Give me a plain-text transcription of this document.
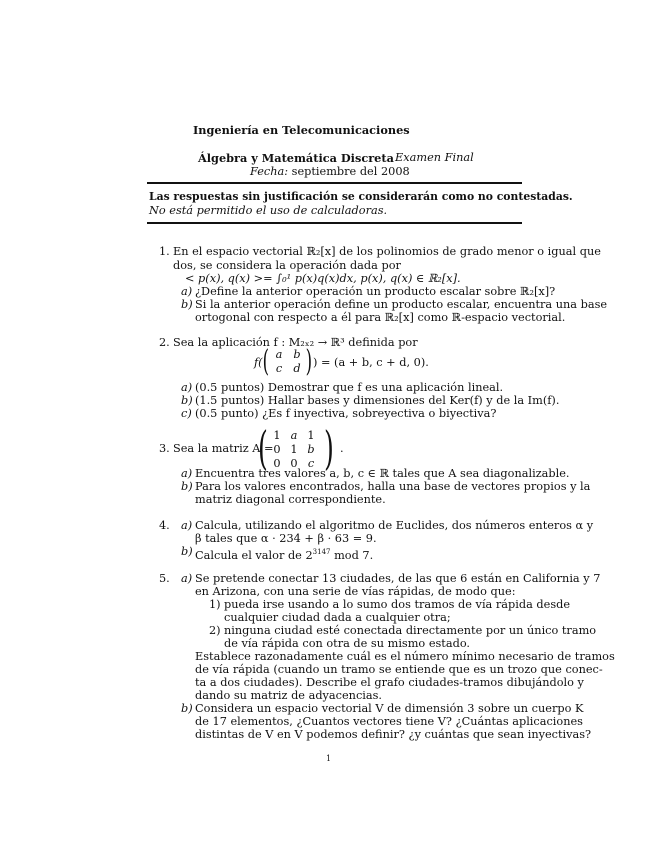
Ingeniería en Telecomunicaciones
Álgebra y Matemática Discreta Examen Final
Fecha: septiembre del 2008
Las respuestas sin justificación se considerarán como no contestadas.
No está permitido el uso de calculadoras.
1. En el espacio vectorial ℝ₂[x] de los polinomios de grado menor o igual que
dos, se considera la operación dada por
< p(x), q(x) >= ∫₀¹ p(x)q(x)dx, p(x), q(x) ∈ ℝ₂[x].
a) ¿Define la anterior operación un producto escalar sobre ℝ₂[x]?
b) Si la anterior operación define un producto escalar, encuentra una base
ortogonal con respecto a él para ℝ₂[x] como ℝ-espacio vectorial.
2. Sea la aplicación f : M₂ₓ₂ → ℝ³ definida por
f( ( a b
c d ) ) = (a + b, c + d, 0).
a) (0.5 puntos) Demostrar que f es una aplicación lineal.
b) (1.5 puntos) Hallar bases y dimensiones del Ker(f) y de la Im(f).
c) (0.5 punto) ¿Es f inyectiva, sobreyectiva o biyectiva?
3. Sea la matriz A =
( 1 a 1
0 1 b
0 0 c ) .
a) Encuentra tres valores a, b, c ∈ ℝ tales que A sea diagonalizable.
b) Para los valores encontrados, halla una base de vectores propios y la
matriz diagonal correspondiente.
4. a) Calcula, utilizando el algoritmo de Euclides, dos números enteros α y
β tales que α · 234 + β · 63 = 9.
b) Calcula el valor de $2^{3147}$ mod 7.
5. a) Se pretende conectar 13 ciudades, de las que 6 están en California y 7
en Arizona, con una serie de vías rápidas, de modo que:
1) pueda irse usando a lo sumo dos tramos de vía rápida desde
cualquier ciudad dada a cualquier otra;
2) ninguna ciudad esté conectada directamente por un único tramo
de vía rápida con otra de su mismo estado.
Establece razonadamente cuál es el número mínimo necesario de tramos
de vía rápida (cuando un tramo se entiende que es un trozo que conec-
ta a dos ciudades). Describe el grafo ciudades-tramos dibujándolo y
dando su matriz de adyacencias.
b) Considera un espacio vectorial V de dimensión 3 sobre un cuerpo K
de 17 elementos, ¿Cuantos vectores tiene V? ¿Cuántas aplicaciones
distintas de V en V podemos definir? ¿y cuántas que sean inyectivas?
1
